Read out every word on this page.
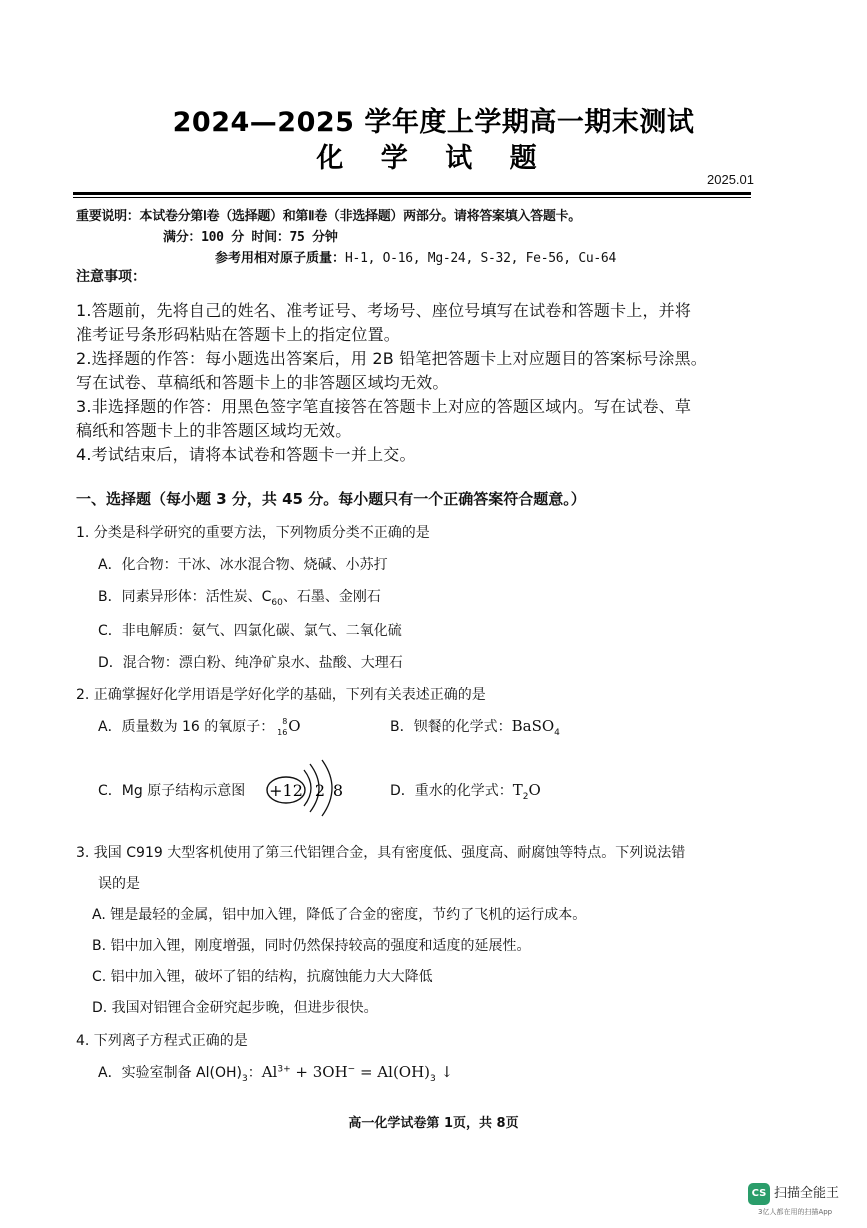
2024—2025 学年度上学期高一期末测试
化 学 试 题
2025.01
重要说明：本试卷分第Ⅰ卷（选择题）和第Ⅱ卷（非选择题）两部分。请将答案填入答题卡。
满分：100 分 时间：75 分钟
参考用相对原子质量：H-1, O-16, Mg-24, S-32, Fe-56, Cu-64
注意事项：
1.答题前，先将自己的姓名、准考证号、考场号、座位号填写在试卷和答题卡上，并将
准考证号条形码粘贴在答题卡上的指定位置。
2.选择题的作答：每小题选出答案后，用 2B 铅笔把答题卡上对应题目的答案标号涂黑。
写在试卷、草稿纸和答题卡上的非答题区域均无效。
3.非选择题的作答：用黑色签字笔直接答在答题卡上对应的答题区域内。写在试卷、草
稿纸和答题卡上的非答题区域均无效。
4.考试结束后，请将本试卷和答题卡一并上交。
一、选择题（每小题 3 分，共 45 分。每小题只有一个正确答案符合题意。）
1. 分类是科学研究的重要方法，下列物质分类不正确的是
A．化合物：干冰、冰水混合物、烧碱、小苏打
B．同素异形体：活性炭、$C_{60}$、石墨、金刚石
C．非电解质：氨气、四氯化碳、氯气、二氧化硫
D．混合物：漂白粉、纯净矿泉水、盐酸、大理石
2. 正确掌握好化学用语是学好化学的基础，下列有关表述正确的是
A．质量数为 16 的氧原子： 8
16 O	B．钡餐的化学式：BaSO$_4$
C．Mg 原子结构示意图 +12 2 8	D．重水的化学式：$T_2O$
3. 我国 C919 大型客机使用了第三代铝锂合金，具有密度低、强度高、耐腐蚀等特点。下列说法错
误的是
A. 锂是最轻的金属，铝中加入锂，降低了合金的密度，节约了飞机的运行成本。
B. 铝中加入锂，刚度增强，同时仍然保持较高的强度和适度的延展性。
C. 铝中加入锂，破坏了铝的结构，抗腐蚀能力大大降低
D. 我国对铝锂合金研究起步晚，但进步很快。
4. 下列离子方程式正确的是
A．实验室制备 $Al(OH)_3$：$Al^{3+} + 3OH^- = Al(OH)_3$ ↓
高一化学试卷第 1页，共 8页
CS 扫描全能王
3亿人都在用的扫描App
